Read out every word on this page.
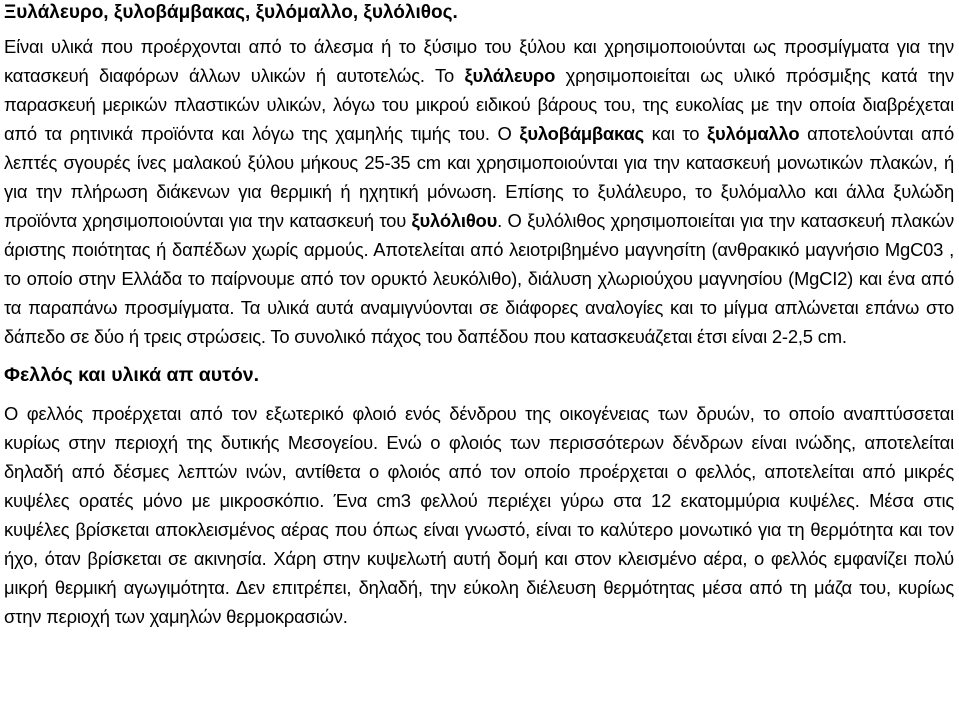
Ξυλάλευρο, ξυλοβάμβακας, ξυλόμαλλο, ξυλόλιθος.

Είναι υλικά που προέρχονται από το άλεσμα ή το ξύσιμο του ξύλου και χρησιμοποιούνται ως προσμίγματα για την κατασκευή διαφόρων άλλων υλικών ή αυτοτελώς. Το ξυλάλευρο χρησιμοποιείται ως υλικό πρόσμιξης κατά την παρασκευή μερικών πλαστικών υλικών, λόγω του μικρού ειδικού βάρους του, της ευκολίας με την οποία διαβρέχεται από τα ρητινικά προϊόντα και λόγω της χαμηλής τιμής του. Ο ξυλοβάμβακας και το ξυλόμαλλο αποτελούνται από λεπτές σγουρές ίνες μαλακού ξύλου μήκους 25-35 cm και χρησιμοποιούνται για την κατασκευή μονωτικών πλακών, ή για την πλήρωση διάκενων για θερμική ή ηχητική μόνωση. Επίσης το ξυλάλευρο, το ξυλόμαλλο και άλλα ξυλώδη προϊόντα χρησιμοποιούνται για την κατασκευή του ξυλόλιθου. Ο ξυλόλιθος χρησιμοποιείται για την κατασκευή πλακών άριστης ποιότητας ή δαπέδων χωρίς αρμούς. Αποτελείται από λειοτριβημένο μαγνησίτη (ανθρακικό μαγνήσιο MgC03 , το οποίο στην Ελλάδα το παίρνουμε από τον ορυκτό λευκόλιθο), διάλυση χλωριούχου μαγνησίου (MgCI2) και ένα από τα παραπάνω προσμίγματα. Τα υλικά αυτά αναμιγνύονται σε διάφορες αναλογίες και το μίγμα απλώνεται επάνω στο δάπεδο σε δύο ή τρεις στρώσεις. Το συνολικό πάχος του δαπέδου που κατασκευάζεται έτσι είναι 2-2,5 cm.

Φελλός και υλικά απ αυτόν.

Ο φελλός προέρχεται από τον εξωτερικό φλοιό ενός δένδρου της οικογένειας των δρυών, το οποίο αναπτύσσεται κυρίως στην περιοχή της δυτικής Μεσογείου. Ενώ ο φλοιός των περισσότερων δένδρων είναι ινώδης, αποτελείται δηλαδή από δέσμες λεπτών ινών, αντίθετα ο φλοιός από τον οποίο προέρχεται ο φελλός, αποτελείται από μικρές κυψέλες ορατές μόνο με μικροσκόπιο. Ένα cm3 φελλού περιέχει γύρω στα 12 εκατομμύρια κυψέλες. Μέσα στις κυψέλες βρίσκεται αποκλεισμένος αέρας που όπως είναι γνωστό, είναι το καλύτερο μονωτικό για τη θερμότητα και τον ήχο, όταν βρίσκεται σε ακινησία. Χάρη στην κυψελωτή αυτή δομή και στον κλεισμένο αέρα, ο φελλός εμφανίζει πολύ μικρή θερμική αγωγιμότητα. Δεν επιτρέπει, δηλαδή, την εύκολη διέλευση θερμότητας μέσα από τη μάζα του, κυρίως στην περιοχή των χαμηλών θερμοκρασιών.
